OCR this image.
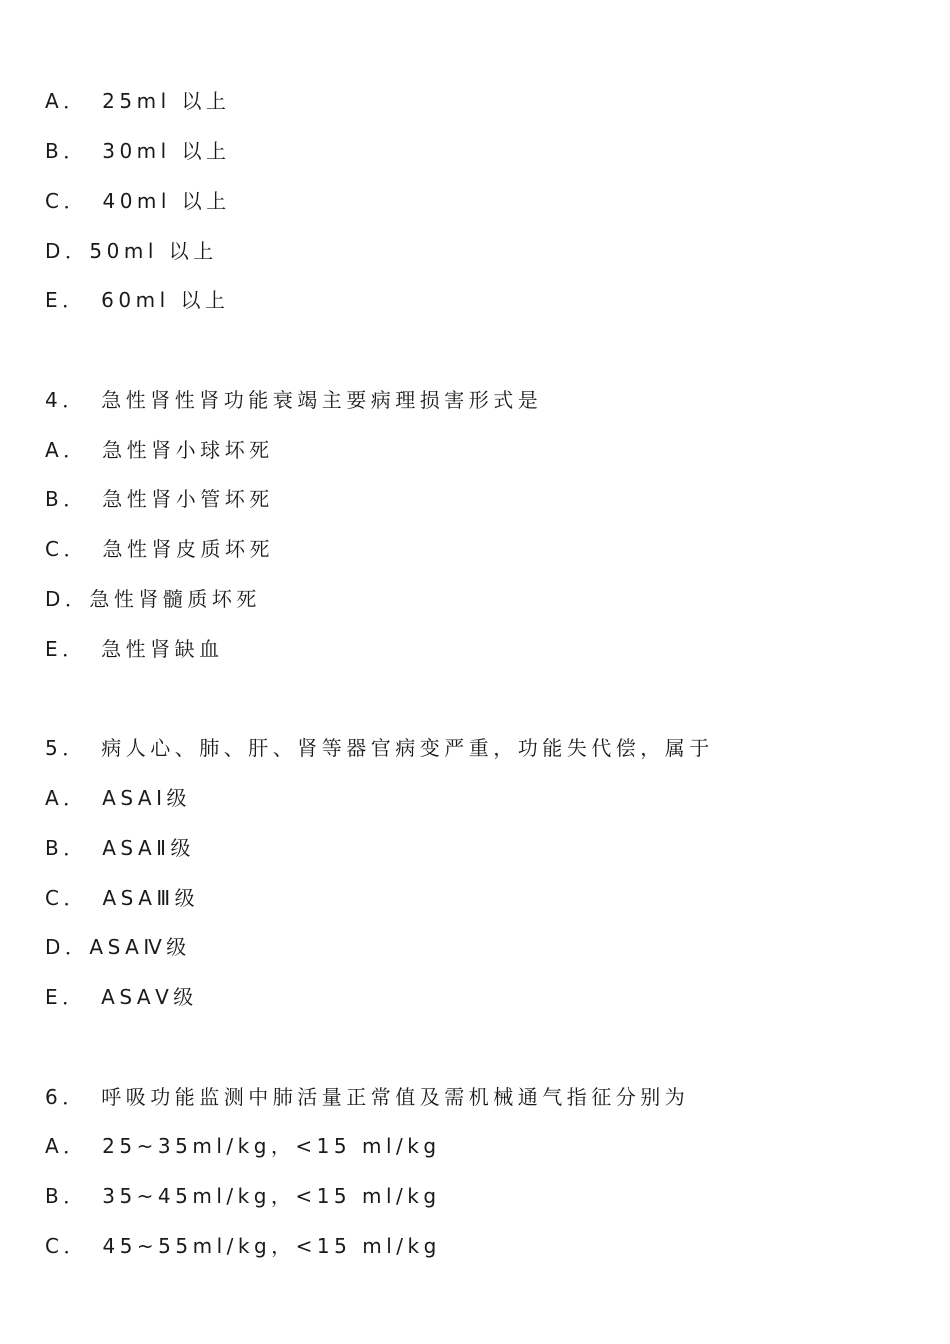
A．　25ml 以上
B．　30ml 以上
C．　40ml 以上
D．50ml 以上
E．　60ml 以上
4．　急性肾性肾功能衰竭主要病理损害形式是
A．　急性肾小球坏死
B．　急性肾小管坏死
C．　急性肾皮质坏死
D．急性肾髓质坏死
E．　急性肾缺血
5．　病人心、肺、肝、肾等器官病变严重，功能失代偿，属于
A．　ASAⅠ级
B．　ASAⅡ级
C．　ASAⅢ级
D．ASAⅣ级
E．　ASAⅤ级
6．　呼吸功能监测中肺活量正常值及需机械通气指征分别为
A．　25~35ml/kg，<15 ml/kg
B．　35~45ml/kg，<15 ml/kg
C．　45~55ml/kg，<15 ml/kg
